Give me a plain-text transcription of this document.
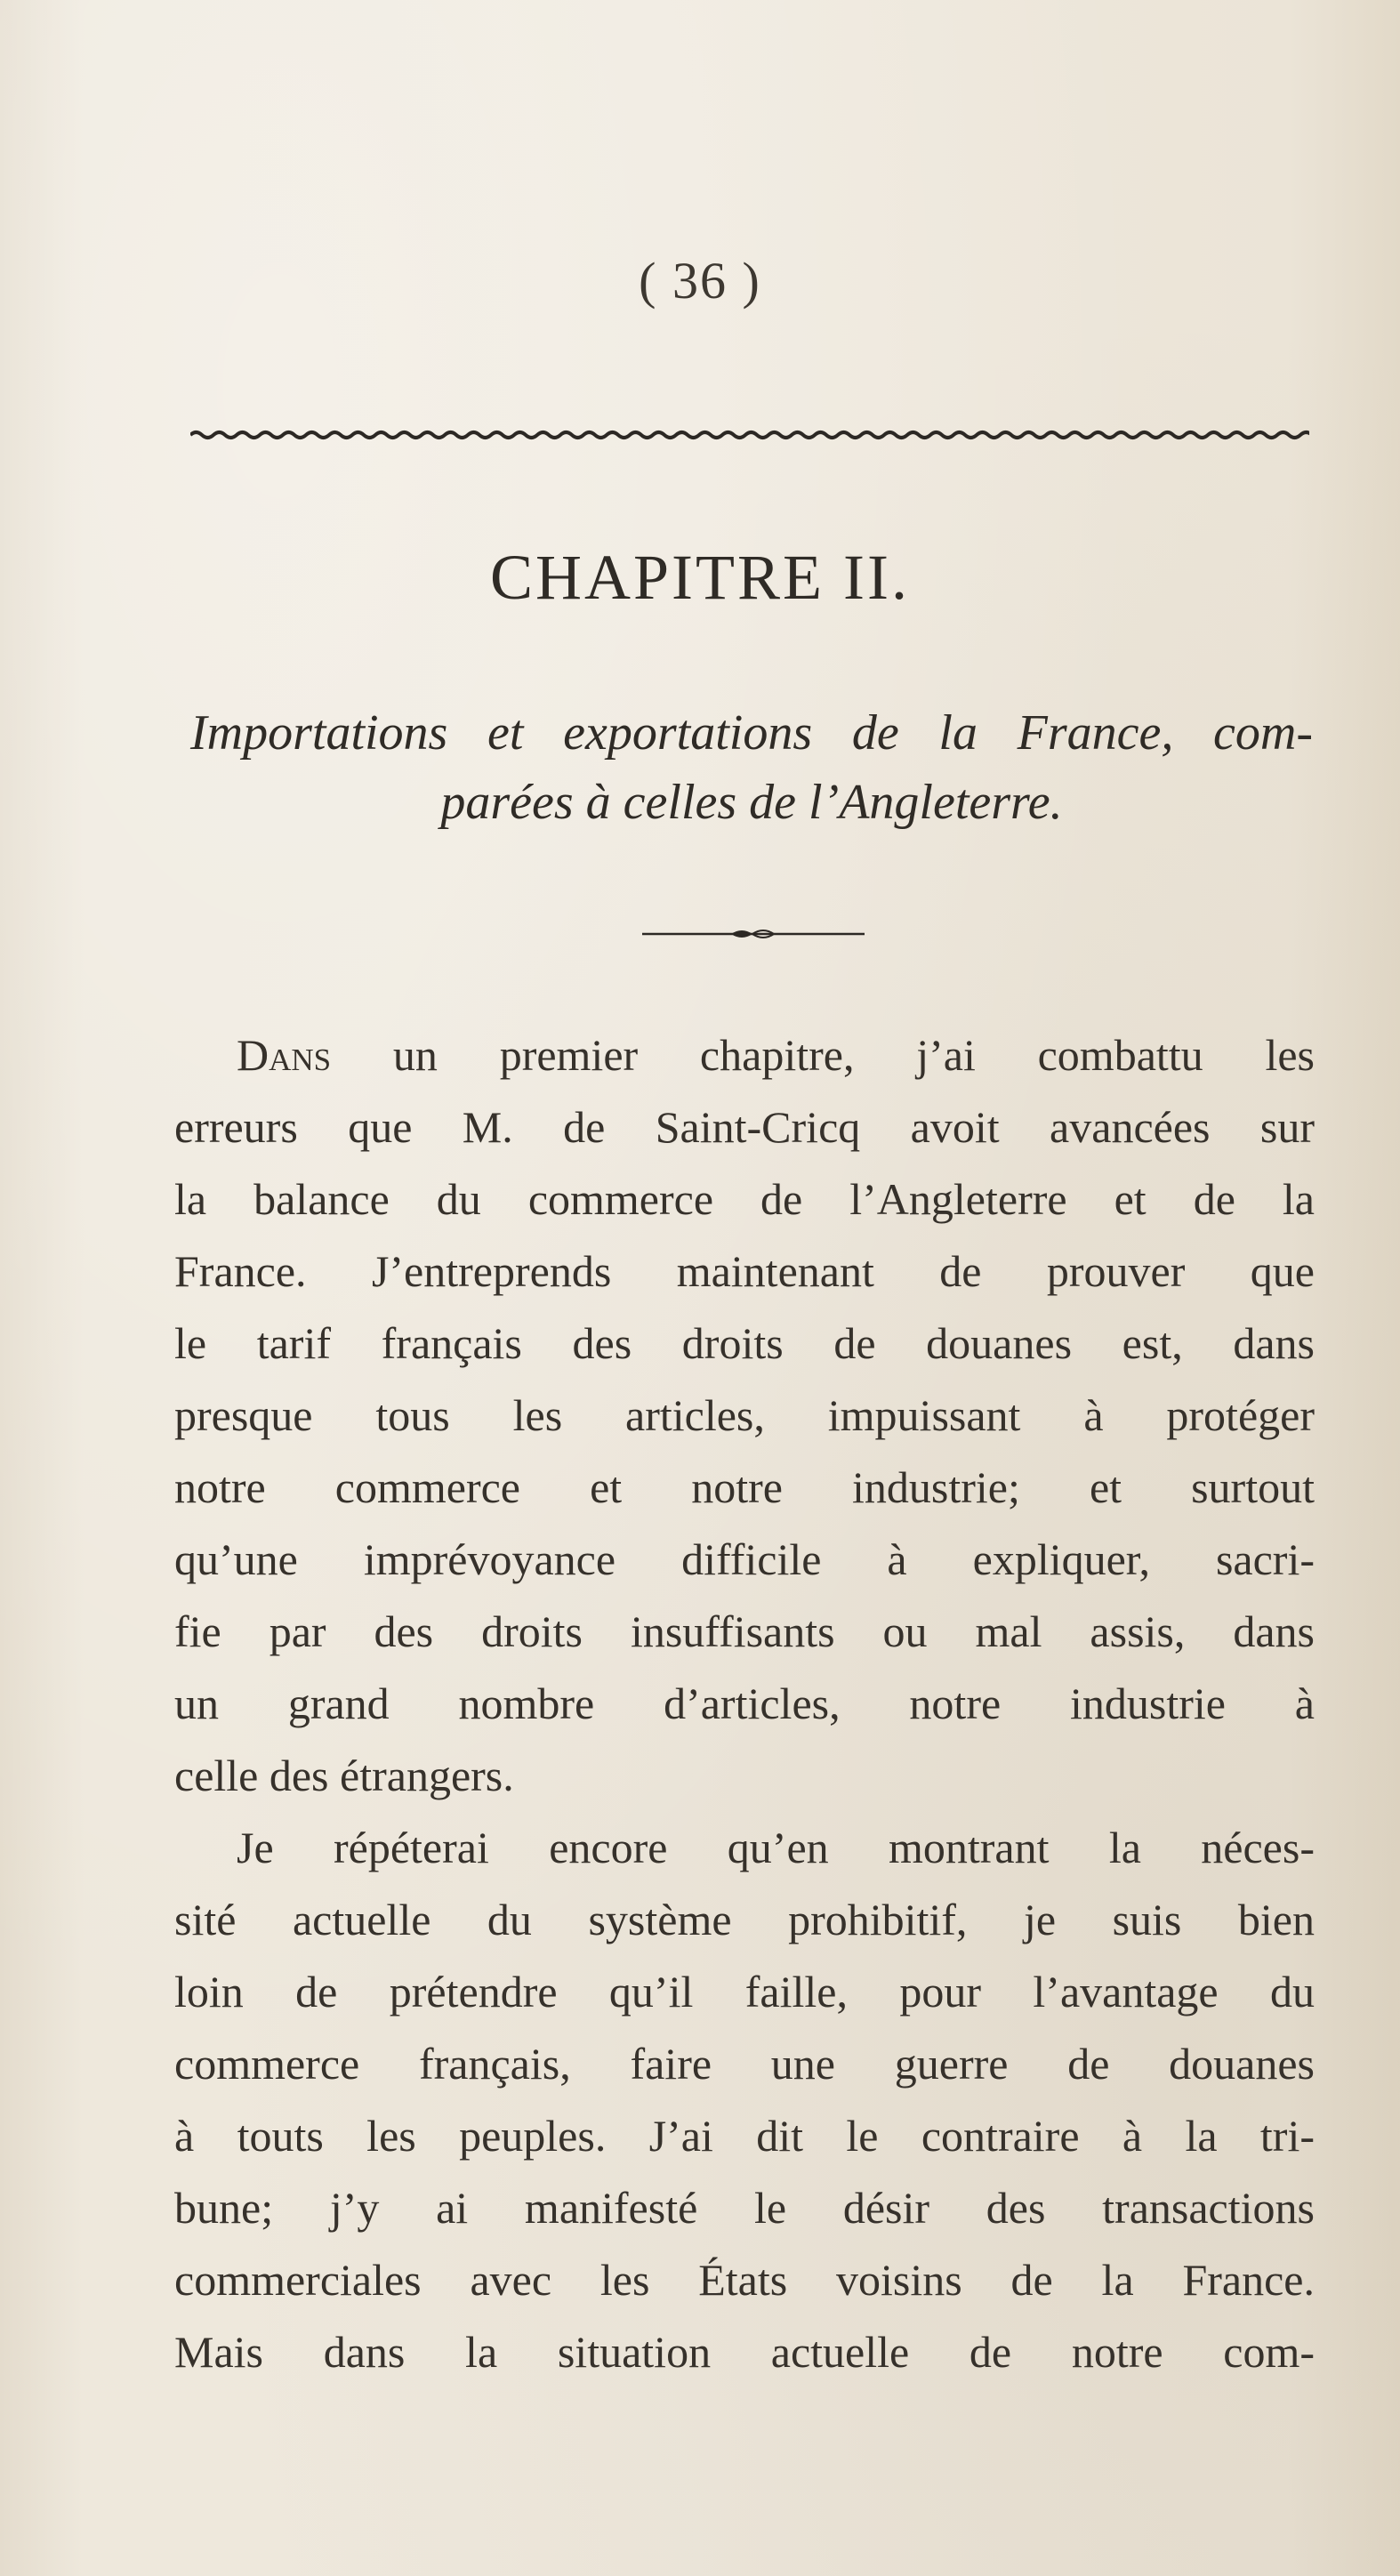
( 36 )
CHAPITRE II.
Importations et exportations de la France, com-
parées à celles de l’Angleterre.
Dans un premier chapitre, j’ai combattu les
erreurs que M. de Saint-Cricq avoit avancées sur
la balance du commerce de l’Angleterre et de la
France. J’entreprends maintenant de prouver que
le tarif français des droits de douanes est, dans
presque tous les articles, impuissant à protéger
notre commerce et notre industrie; et surtout
qu’une imprévoyance difficile à expliquer, sacri-
fie par des droits insuffisants ou mal assis, dans
un grand nombre d’articles, notre industrie à
celle des étrangers.
Je répéterai encore qu’en montrant la néces-
sité actuelle du système prohibitif, je suis bien
loin de prétendre qu’il faille, pour l’avantage du
commerce français, faire une guerre de douanes
à touts les peuples. J’ai dit le contraire à la tri-
bune; j’y ai manifesté le désir des transactions
commerciales avec les États voisins de la France.
Mais dans la situation actuelle de notre com-
